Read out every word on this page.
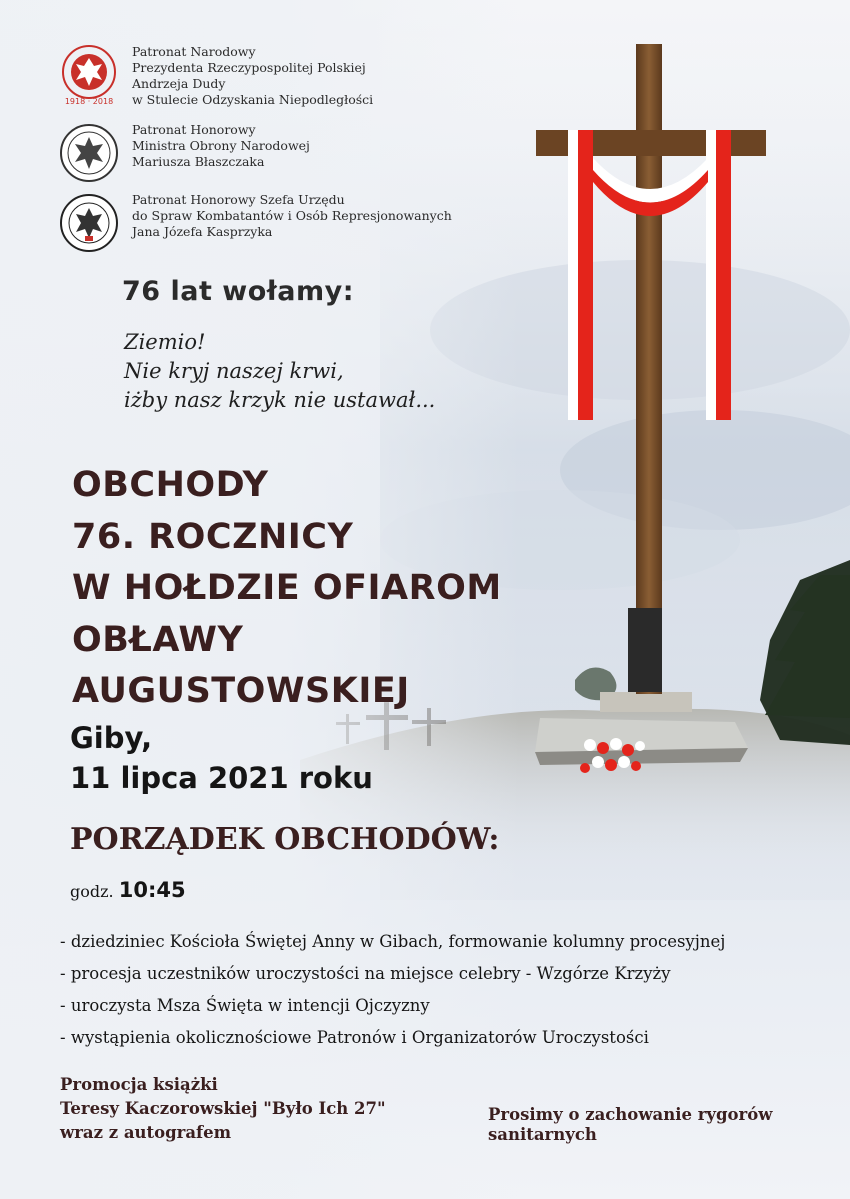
1918 · 2018
Patronat Narodowy
Prezydenta Rzeczypospolitej Polskiej
Andrzeja Dudy
w Stulecie Odzyskania Niepodległości
Patronat Honorowy
Ministra Obrony Narodowej
Mariusza Błaszczaka
Patronat Honorowy Szefa Urzędu
do Spraw Kombatantów i Osób Represjonowanych
Jana Józefa Kasprzyka
76 lat wołamy:
Ziemio!
Nie kryj naszej krwi,
iżby nasz krzyk nie ustawał...
OBCHODY
76. ROCZNICY
W HOŁDZIE OFIAROM
OBŁAWY
AUGUSTOWSKIEJ
Giby,
11 lipca 2021 roku
PORZĄDEK OBCHODÓW:
godz. 10:45
- dziedziniec Kościoła Świętej Anny w Gibach, formowanie kolumny procesyjnej
- procesja uczestników uroczystości na miejsce celebry - Wzgórze Krzyży
- uroczysta Msza Święta w intencji Ojczyzny
- wystąpienia okolicznościowe Patronów i Organizatorów Uroczystości
Promocja książki
Teresy Kaczorowskiej "Było Ich 27"
wraz z autografem
Prosimy o zachowanie rygorów
sanitarnych
